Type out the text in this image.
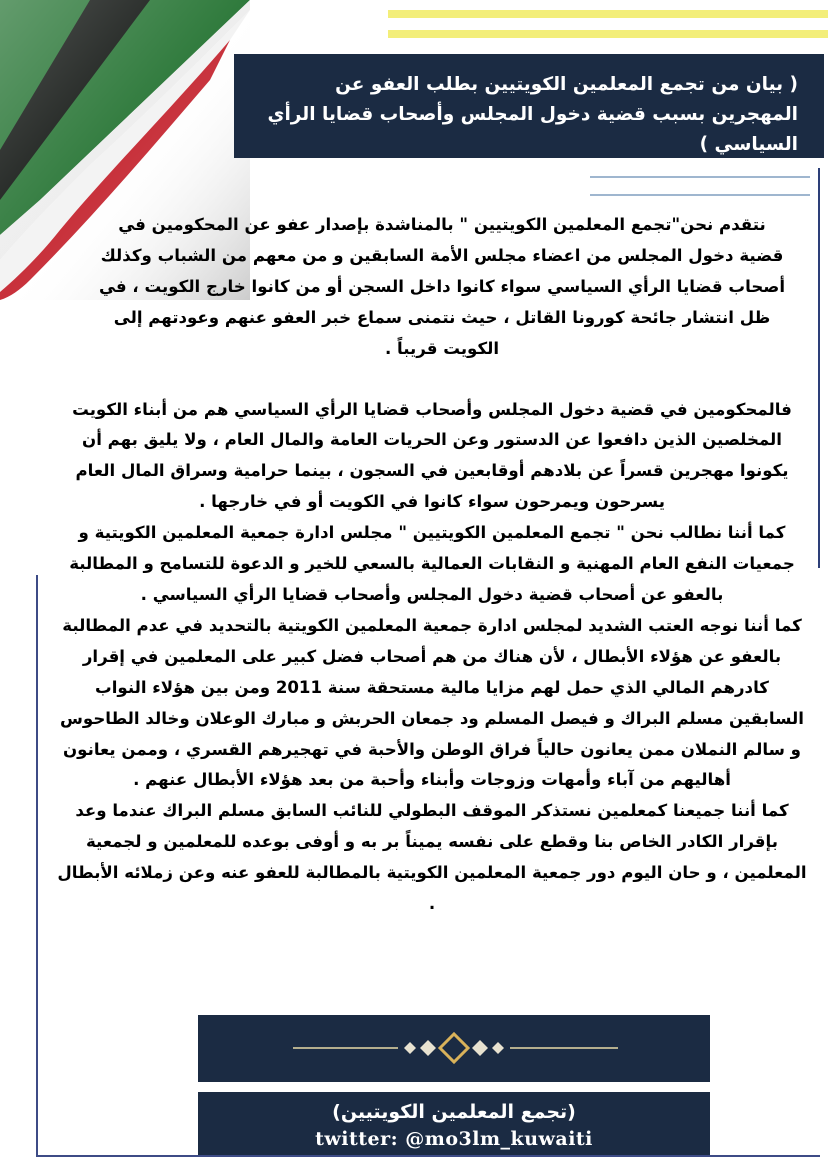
( بيان من تجمع المعلمين الكويتيين بطلب العفو عن المهجرين بسبب قضية دخول المجلس وأصحاب قضايا الرأي السياسي )

نتقدم نحن"تجمع المعلمين الكويتيين " بالمناشدة بإصدار عفو عن المحكومين في قضية دخول المجلس من اعضاء مجلس الأمة السابقين و من معهم من الشباب وكذلك أصحاب قضايا الرأي السياسي سواء كانوا داخل السجن أو من كانوا خارج الكويت ، في ظل انتشار جائحة كورونا القاتل ، حيث نتمنى سماع خبر العفو عنهم وعودتهم إلى الكويت قريباً .

فالمحكومين في قضية دخول المجلس وأصحاب قضايا الرأي السياسي هم من أبناء الكويت المخلصين الذين دافعوا عن الدستور وعن الحريات العامة والمال العام ، ولا يليق بهم أن يكونوا مهجرين قسراً عن بلادهم أوقابعين في السجون ، بينما حرامية وسراق المال العام يسرحون ويمرحون سواء كانوا في الكويت أو في خارجها .

كما أننا نطالب نحن " تجمع المعلمين الكويتيين " مجلس ادارة جمعية المعلمين الكويتية و جمعيات النفع العام المهنية و النقابات العمالية بالسعي للخير و الدعوة للتسامح و المطالبة بالعفو عن أصحاب قضية دخول المجلس وأصحاب قضايا الرأي السياسي .

كما أننا نوجه العتب الشديد لمجلس ادارة جمعية المعلمين الكويتية بالتحديد في عدم المطالبة بالعفو عن هؤلاء الأبطال ، لأن هناك من هم أصحاب فضل كبير على المعلمين في إقرار كادرهم المالي الذي حمل لهم مزايا مالية مستحقة سنة 2011 ومن بين هؤلاء النواب السابقين مسلم البراك و فيصل المسلم ود جمعان الحربش و مبارك الوعلان وخالد الطاحوس و سالم النملان ممن يعانون حالياً فراق الوطن والأحبة في تهجيرهم القسري ، وممن يعانون أهاليهم من آباء وأمهات وزوجات وأبناء وأحبة من بعد هؤلاء الأبطال عنهم .

كما أننا جميعنا كمعلمين نستذكر الموقف البطولي للنائب السابق مسلم البراك عندما وعد بإقرار الكادر الخاص بنا وقطع على نفسه يميناً بر به و أوفى بوعده للمعلمين و لجمعية المعلمين ، و حان اليوم دور جمعية المعلمين الكويتية بالمطالبة للعفو عنه وعن زملائه الأبطال .

(تجمع المعلمين الكويتيين)
twitter: @mo3lm_kuwaiti
